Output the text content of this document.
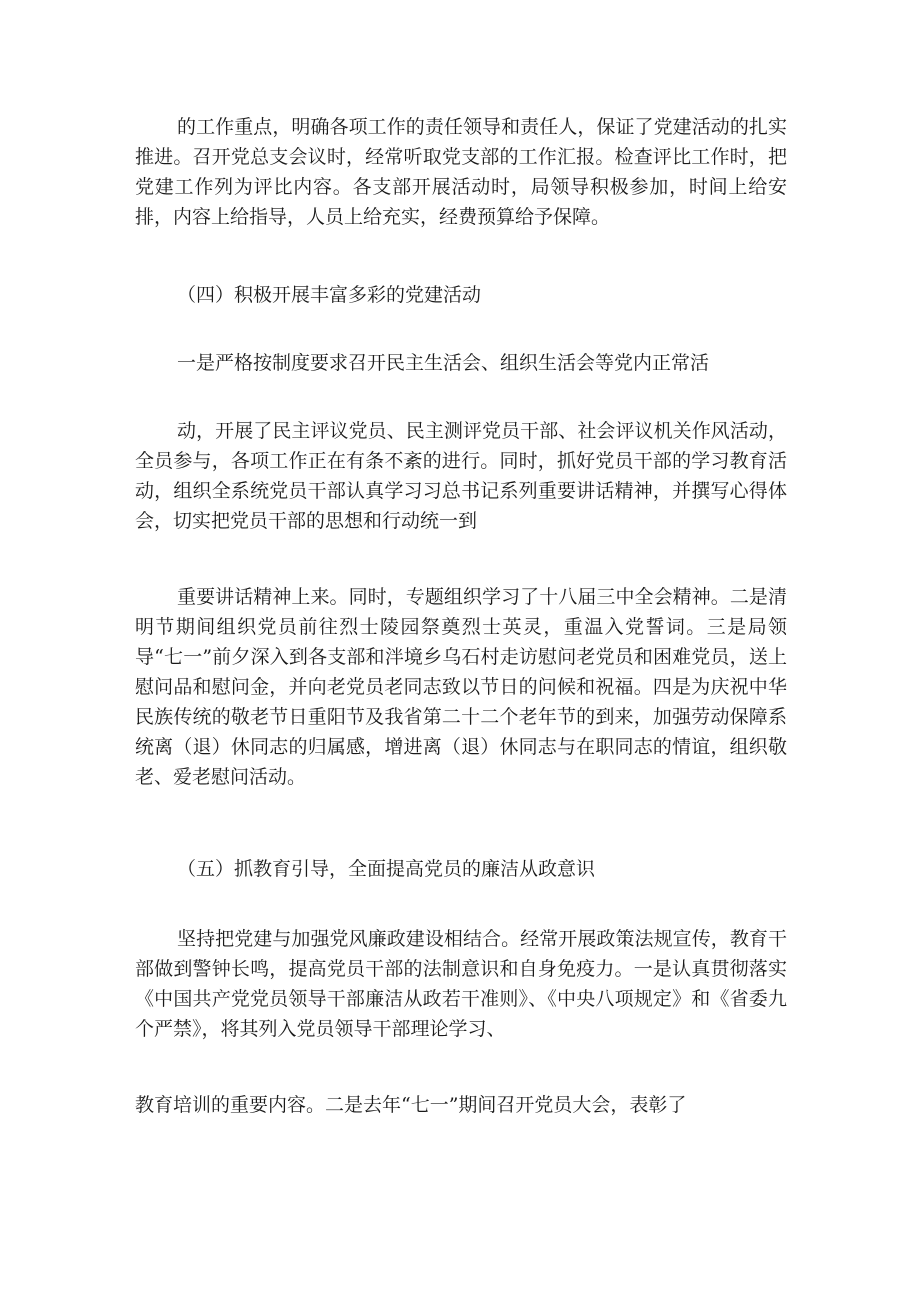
的工作重点，明确各项工作的责任领导和责任人，保证了党建活动的扎实推进。召开党总支会议时，经常听取党支部的工作汇报。检查评比工作时，把党建工作列为评比内容。各支部开展活动时，局领导积极参加，时间上给安排，内容上给指导，人员上给充实，经费预算给予保障。

（四）积极开展丰富多彩的党建活动

一是严格按制度要求召开民主生活会、组织生活会等党内正常活

动，开展了民主评议党员、民主测评党员干部、社会评议机关作风活动，全员参与，各项工作正在有条不紊的进行。同时，抓好党员干部的学习教育活动，组织全系统党员干部认真学习习总书记系列重要讲话精神，并撰写心得体会，切实把党员干部的思想和行动统一到

重要讲话精神上来。同时，专题组织学习了十八届三中全会精神。二是清明节期间组织党员前往烈士陵园祭奠烈士英灵，重温入党誓词。三是局领导“七一”前夕深入到各支部和泮境乡乌石村走访慰问老党员和困难党员，送上慰问品和慰问金，并向老党员老同志致以节日的问候和祝福。四是为庆祝中华民族传统的敬老节日重阳节及我省第二十二个老年节的到来，加强劳动保障系统离（退）休同志的归属感，增进离（退）休同志与在职同志的情谊，组织敬老、爱老慰问活动。

（五）抓教育引导，全面提高党员的廉洁从政意识

坚持把党建与加强党风廉政建设相结合。经常开展政策法规宣传，教育干部做到警钟长鸣，提高党员干部的法制意识和自身免疫力。一是认真贯彻落实《中国共产党党员领导干部廉洁从政若干准则》、《中央八项规定》和《省委九个严禁》，将其列入党员领导干部理论学习、

教育培训的重要内容。二是去年“七一”期间召开党员大会，表彰了
